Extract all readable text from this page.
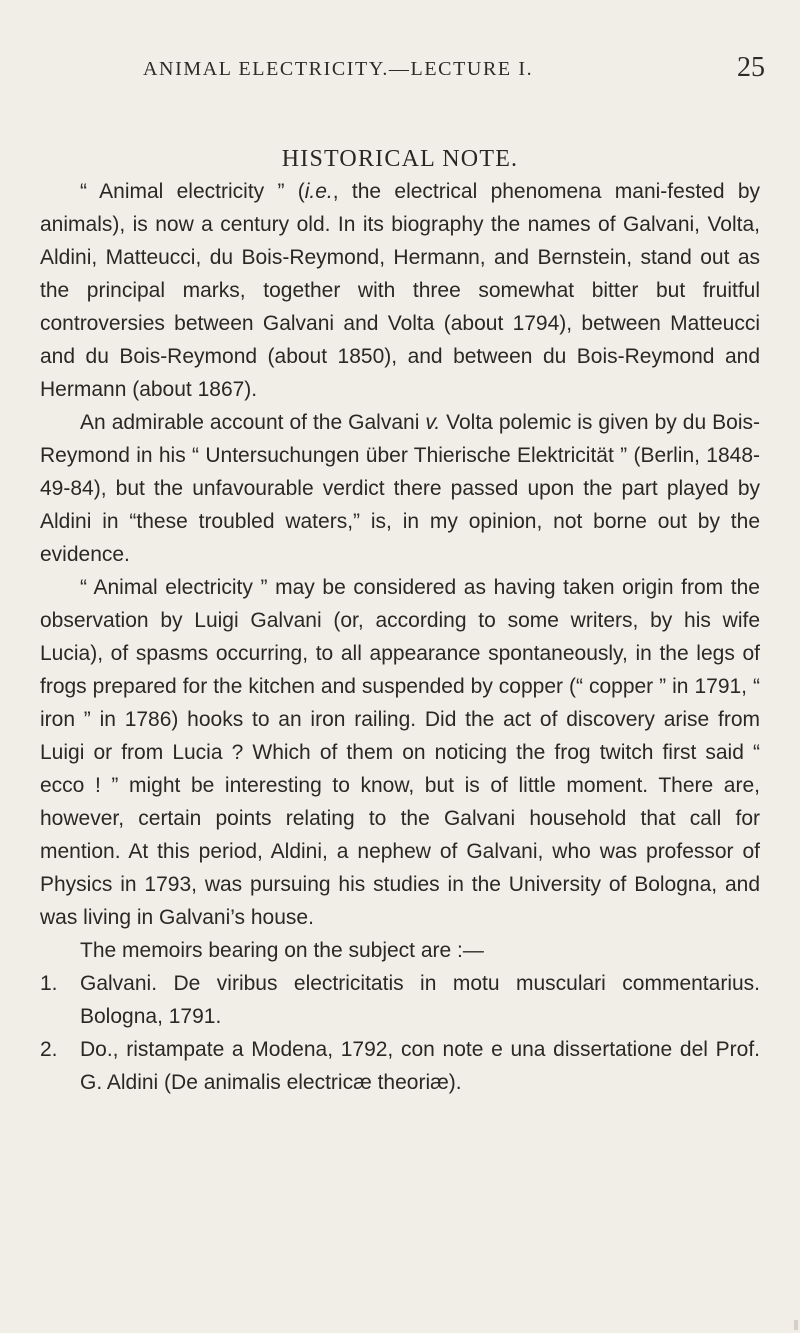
ANIMAL ELECTRICITY.—LECTURE I.	25
HISTORICAL NOTE.

“ Animal electricity ” (i.e., the electrical phenomena mani-fested by animals), is now a century old. In its biography the names of Galvani, Volta, Aldini, Matteucci, du Bois-Reymond, Hermann, and Bernstein, stand out as the principal marks, together with three somewhat bitter but fruitful controversies between Galvani and Volta (about 1794), between Matteucci and du Bois-Reymond (about 1850), and between du Bois-Reymond and Hermann (about 1867).

An admirable account of the Galvani v. Volta polemic is given by du Bois-Reymond in his “ Untersuchungen über Thierische Elektricität ” (Berlin, 1848-49-84), but the unfavourable verdict there passed upon the part played by Aldini in “these troubled waters,” is, in my opinion, not borne out by the evidence.

“ Animal electricity ” may be considered as having taken origin from the observation by Luigi Galvani (or, according to some writers, by his wife Lucia), of spasms occurring, to all appearance spontaneously, in the legs of frogs prepared for the kitchen and suspended by copper (“ copper ” in 1791, “ iron ” in 1786) hooks to an iron railing. Did the act of discovery arise from Luigi or from Lucia ? Which of them on noticing the frog twitch first said “ ecco ! ” might be interesting to know, but is of little moment. There are, however, certain points relating to the Galvani household that call for mention. At this period, Aldini, a nephew of Galvani, who was professor of Physics in 1793, was pursuing his studies in the University of Bologna, and was living in Galvani’s house.

The memoirs bearing on the subject are :—

1. Galvani. De viribus electricitatis in motu musculari commentarius. Bologna, 1791.
2. Do., ristampate a Modena, 1792, con note e una dissertatione del Prof. G. Aldini (De animalis electricæ theoriæ).
